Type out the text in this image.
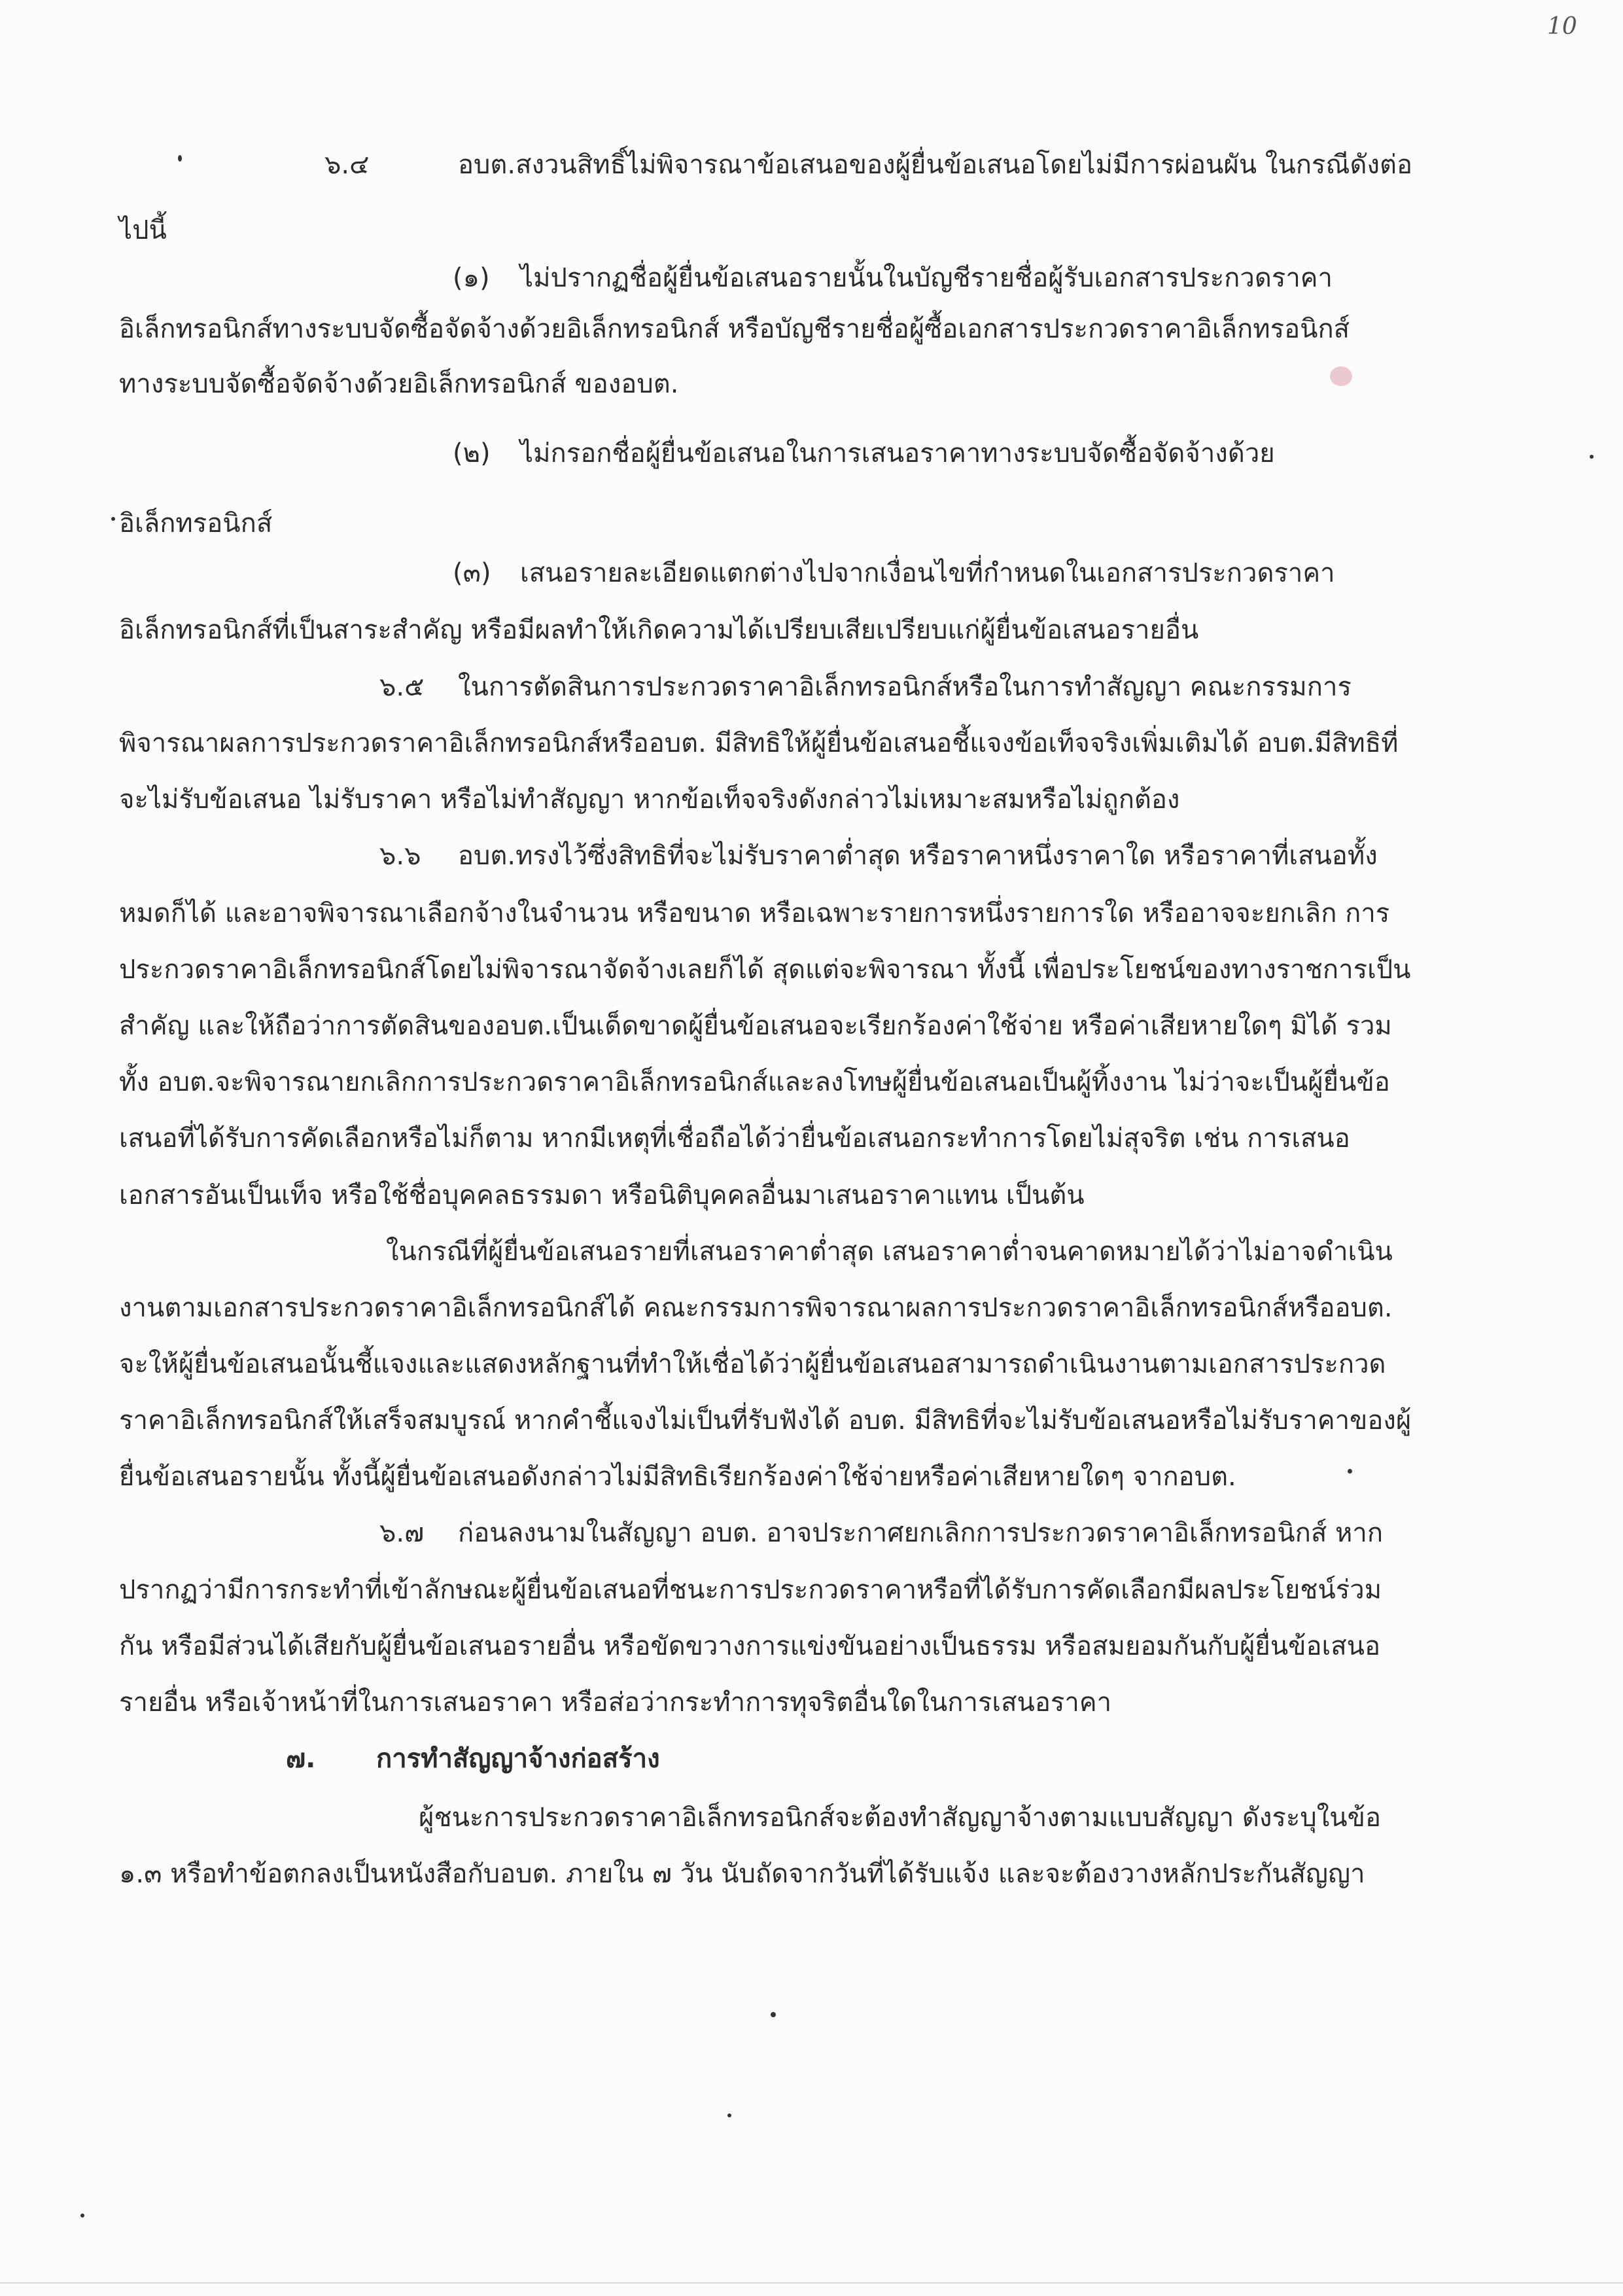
10
๖.๔	อบต.สงวนสิทธิ์ไม่พิจารณาข้อเสนอของผู้ยื่นข้อเสนอโดยไม่มีการผ่อนผัน ในกรณีดังต่อ
ไปนี้
(๑) ไม่ปรากฏชื่อผู้ยื่นข้อเสนอรายนั้นในบัญชีรายชื่อผู้รับเอกสารประกวดราคา
อิเล็กทรอนิกส์ทางระบบจัดซื้อจัดจ้างด้วยอิเล็กทรอนิกส์ หรือบัญชีรายชื่อผู้ซื้อเอกสารประกวดราคาอิเล็กทรอนิกส์
ทางระบบจัดซื้อจัดจ้างด้วยอิเล็กทรอนิกส์ ของอบต.
(๒) ไม่กรอกชื่อผู้ยื่นข้อเสนอในการเสนอราคาทางระบบจัดซื้อจัดจ้างด้วย
อิเล็กทรอนิกส์
(๓) เสนอรายละเอียดแตกต่างไปจากเงื่อนไขที่กำหนดในเอกสารประกวดราคา
อิเล็กทรอนิกส์ที่เป็นสาระสำคัญ หรือมีผลทำให้เกิดความได้เปรียบเสียเปรียบแก่ผู้ยื่นข้อเสนอรายอื่น
๖.๕ ในการตัดสินการประกวดราคาอิเล็กทรอนิกส์หรือในการทำสัญญา คณะกรรมการ
พิจารณาผลการประกวดราคาอิเล็กทรอนิกส์หรืออบต. มีสิทธิให้ผู้ยื่นข้อเสนอชี้แจงข้อเท็จจริงเพิ่มเติมได้ อบต.มีสิทธิที่
จะไม่รับข้อเสนอ ไม่รับราคา หรือไม่ทำสัญญา หากข้อเท็จจริงดังกล่าวไม่เหมาะสมหรือไม่ถูกต้อง
๖.๖ อบต.ทรงไว้ซึ่งสิทธิที่จะไม่รับราคาต่ำสุด หรือราคาหนึ่งราคาใด หรือราคาที่เสนอทั้ง
หมดก็ได้ และอาจพิจารณาเลือกจ้างในจำนวน หรือขนาด หรือเฉพาะรายการหนึ่งรายการใด หรืออาจจะยกเลิก การ
ประกวดราคาอิเล็กทรอนิกส์โดยไม่พิจารณาจัดจ้างเลยก็ได้ สุดแต่จะพิจารณา ทั้งนี้ เพื่อประโยชน์ของทางราชการเป็น
สำคัญ และให้ถือว่าการตัดสินของอบต.เป็นเด็ดขาดผู้ยื่นข้อเสนอจะเรียกร้องค่าใช้จ่าย หรือค่าเสียหายใดๆ มิได้ รวม
ทั้ง อบต.จะพิจารณายกเลิกการประกวดราคาอิเล็กทรอนิกส์และลงโทษผู้ยื่นข้อเสนอเป็นผู้ทิ้งงาน ไม่ว่าจะเป็นผู้ยื่นข้อ
เสนอที่ได้รับการคัดเลือกหรือไม่ก็ตาม หากมีเหตุที่เชื่อถือได้ว่ายื่นข้อเสนอกระทำการโดยไม่สุจริต เช่น การเสนอ
เอกสารอันเป็นเท็จ หรือใช้ชื่อบุคคลธรรมดา หรือนิติบุคคลอื่นมาเสนอราคาแทน เป็นต้น
ในกรณีที่ผู้ยื่นข้อเสนอรายที่เสนอราคาต่ำสุด เสนอราคาต่ำจนคาดหมายได้ว่าไม่อาจดำเนิน
งานตามเอกสารประกวดราคาอิเล็กทรอนิกส์ได้ คณะกรรมการพิจารณาผลการประกวดราคาอิเล็กทรอนิกส์หรืออบต.
จะให้ผู้ยื่นข้อเสนอนั้นชี้แจงและแสดงหลักฐานที่ทำให้เชื่อได้ว่าผู้ยื่นข้อเสนอสามารถดำเนินงานตามเอกสารประกวด
ราคาอิเล็กทรอนิกส์ให้เสร็จสมบูรณ์ หากคำชี้แจงไม่เป็นที่รับฟังได้ อบต. มีสิทธิที่จะไม่รับข้อเสนอหรือไม่รับราคาของผู้
ยื่นข้อเสนอรายนั้น ทั้งนี้ผู้ยื่นข้อเสนอดังกล่าวไม่มีสิทธิเรียกร้องค่าใช้จ่ายหรือค่าเสียหายใดๆ จากอบต.
๖.๗ ก่อนลงนามในสัญญา อบต. อาจประกาศยกเลิกการประกวดราคาอิเล็กทรอนิกส์ หาก
ปรากฏว่ามีการกระทำที่เข้าลักษณะผู้ยื่นข้อเสนอที่ชนะการประกวดราคาหรือที่ได้รับการคัดเลือกมีผลประโยชน์ร่วม
กัน หรือมีส่วนได้เสียกับผู้ยื่นข้อเสนอรายอื่น หรือขัดขวางการแข่งขันอย่างเป็นธรรม หรือสมยอมกันกับผู้ยื่นข้อเสนอ
รายอื่น หรือเจ้าหน้าที่ในการเสนอราคา หรือส่อว่ากระทำการทุจริตอื่นใดในการเสนอราคา
๗. การทำสัญญาจ้างก่อสร้าง
ผู้ชนะการประกวดราคาอิเล็กทรอนิกส์จะต้องทำสัญญาจ้างตามแบบสัญญา ดังระบุในข้อ
๑.๓ หรือทำข้อตกลงเป็นหนังสือกับอบต. ภายใน ๗ วัน นับถัดจากวันที่ได้รับแจ้ง และจะต้องวางหลักประกันสัญญา
